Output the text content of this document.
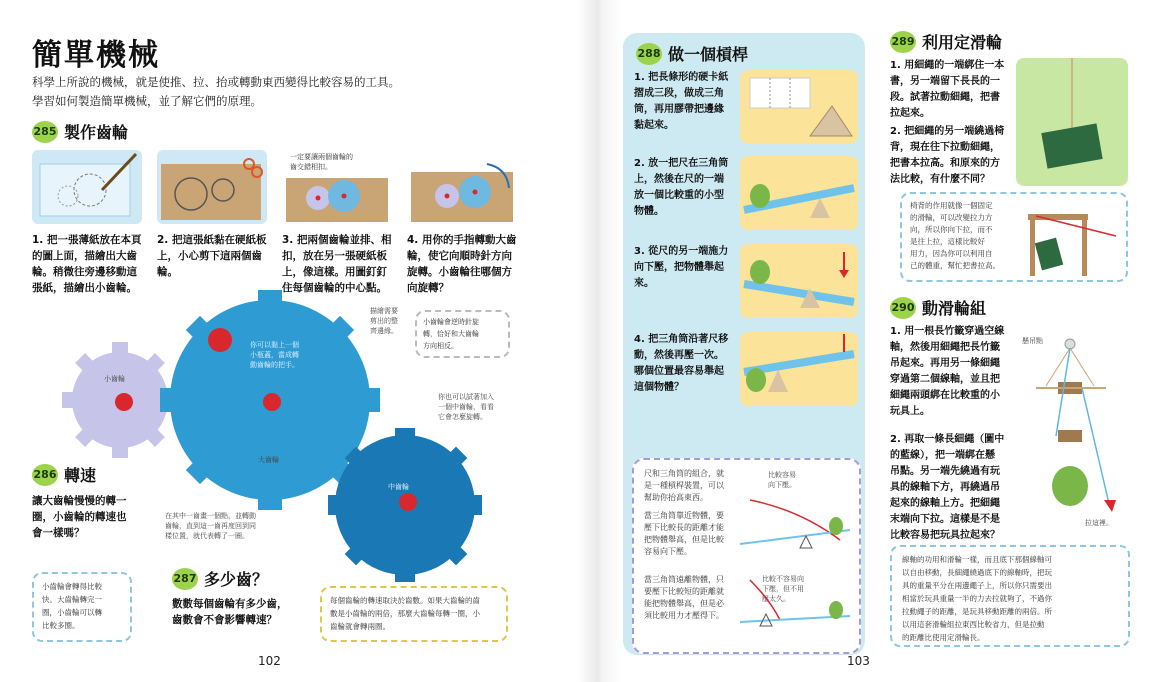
簡單機械
科學上所說的機械，就是使推、拉、抬或轉動東西變得比較容易的工具。
學習如何製造簡單機械，並了解它們的原理。
285 製作齒輪
一定要讓兩個齒輪的
齒交錯相扣。
1. 把一張薄紙放在本頁
的圖上面，描繪出大齒
輪。稍微往旁邊移動這
張紙，描繪出小齒輪。
2. 把這張紙黏在硬紙板
上，小心剪下這兩個齒
輪。
3. 把兩個齒輪並排、相
扣，放在另一張硬紙板
上，像這樣。用圖釘釘
住每個齒輪的中心點。
4. 用你的手指轉動大齒
輪，使它向順時針方向
旋轉。小齒輪往哪個方
向旋轉？
小齒輪
大齒輪
中齒輪
你可以黏上一個
小瓶蓋，當成轉
動齒輪的把手。
描繪需要
剪出的整
齊邊緣。
小齒輪會逆時針旋
轉，恰好和大齒輪
方向相反。
你也可以試著加入
一個中齒輪，看看
它會怎麼旋轉。
在其中一齒畫一個點，並轉動
齒輪，直到這一齒再度回到同
樣位置，就代表轉了一圈。
286 轉速
讓大齒輪慢慢的轉一
圈，小齒輪的轉速也
會一樣嗎？
小齒輪會轉得比較
快。大齒輪轉完一
圈，小齒輪可以轉
比較多圈。
287 多少齒？
數數每個齒輪有多少齒，
齒數會不會影響轉速？
每個齒輪的轉速取決於齒數。如果大齒輪的齒
數是小齒輪的兩倍，那麼大齒輪每轉一圈，小
齒輪就會轉兩圈。
102
288 做一個槓桿
1. 把長條形的硬卡紙
摺成三段，做成三角
筒，再用膠帶把邊緣
黏起來。
2. 放一把尺在三角筒
上，然後在尺的一端
放一個比較重的小型
物體。
3. 從尺的另一端施力
向下壓，把物體舉起
來。
4. 把三角筒沿著尺移
動，然後再壓一次。
哪個位置最容易舉起
這個物體？
尺和三角筒的組合，就
是一種槓桿裝置，可以
幫助你抬高東西。
比較容易
向下壓。
當三角筒靠近物體，要
壓下比較長的距離才能
把物體舉高，但是比較
容易向下壓。
當三角筒遠離物體，只
要壓下比較短的距離就
能把物體舉高，但是必
須比較用力才壓得下。
比較不容易向
下壓，但不用
壓太久。
103
289 利用定滑輪
1. 用細繩的一端綁住一本
書，另一端留下長長的一
段。試著拉動細繩，把書
拉起來。
2. 把細繩的另一端繞過椅
背，現在往下拉動細繩，
把書本拉高。和原來的方
法比較，有什麼不同？
椅背的作用就像一個固定
的滑輪，可以改變拉力方
向，所以你向下拉，而不
是往上拉，這樣比較好
用力，因為你可以利用自
己的體重，幫忙把書拉高。
290 動滑輪組
1. 用一根長竹籤穿過空線
軸，然後用細繩把長竹籤
吊起來。再用另一條細繩
穿過第二個線軸，並且把
細繩兩頭綁在比較重的小
玩具上。
2. 再取一條長細繩（圖中
的藍線），把一端綁在懸
吊點。另一端先繞過有玩
具的線軸下方，再繞過吊
起來的線軸上方。把細繩
末端向下拉。這樣是不是
比較容易把玩具拉起來？
懸吊點
拉這裡。
線軸的功用和滑輪一樣，而且底下那個線軸可
以自由移動，長細繩繞過底下的線軸時，把玩
具的重量平分在兩邊繩子上，所以你只需要出
相當於玩具重量一半的力去拉就夠了，不過你
拉動繩子的距離，是玩具移動距離的兩倍。所
以用這套滑輪組拉東西比較省力，但是拉動
的距離比使用定滑輪長。
